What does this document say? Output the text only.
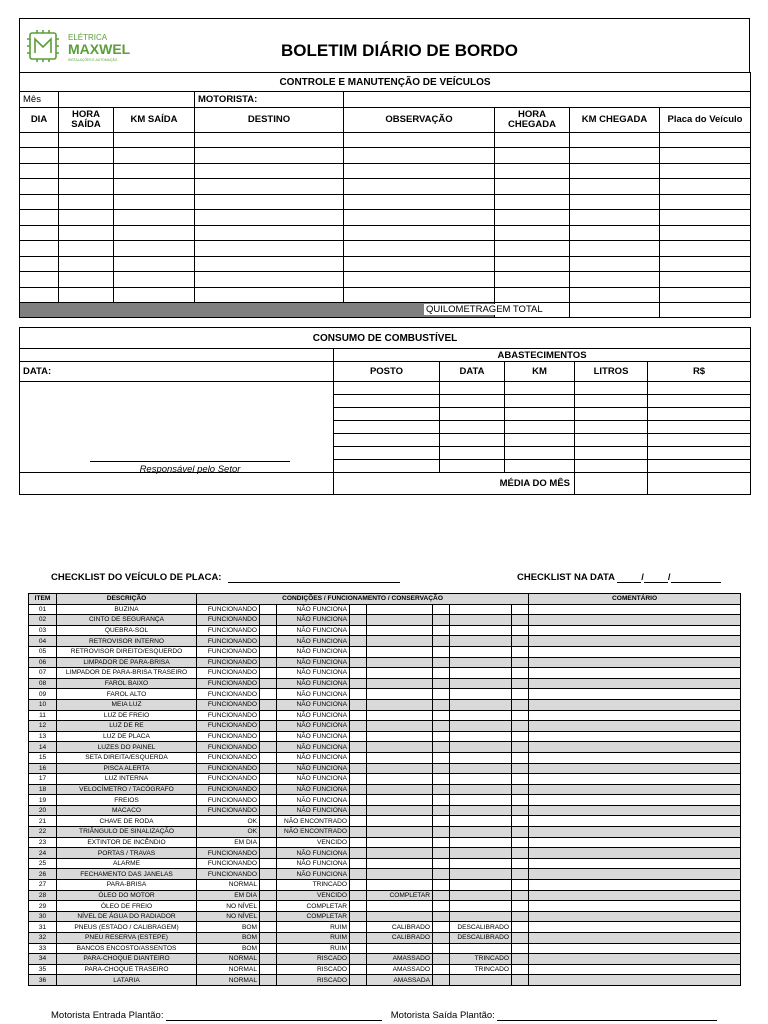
ELÉTRICA
MAXWEL
INSTALAÇÕES E AUTOMAÇÃO	BOLETIM DIÁRIO DE BORDO
CONTROLE E MANUTENÇÃO DE VEÍCULOS							
Mês			MOTORISTA:				
DIA	HORA SAÍDA	KM SAÍDA	DESTINO	OBSERVAÇÃO	HORA CHEGADA	KM CHEGADA	Placa do Veículo

QUILOMETRAGEM TOTAL							

CONSUMO DE COMBUSTÍVEL					
	ABASTECIMENTOS				
DATA:	POSTO	DATA	KM	LITROS	R$

Responsável pelo Setor					

	MÉDIA DO MÊS				
CHECKLIST DO VEÍCULO DE PLACA:	CHECKLIST NA DATA	/	/
ITEM	DESCRIÇÃO	CONDIÇÕES / FUNCIONAMENTO / CONSERVAÇÃO								COMENTÁRIO
01	BUZINA	FUNCIONANDO		NÃO FUNCIONA						
02	CINTO DE SEGURANÇA	FUNCIONANDO		NÃO FUNCIONA						
03	QUEBRA-SOL	FUNCIONANDO		NÃO FUNCIONA						
04	RETROVISOR INTERNO	FUNCIONANDO		NÃO FUNCIONA						
05	RETROVISOR DIREITO/ESQUERDO	FUNCIONANDO		NÃO FUNCIONA						
06	LIMPADOR DE PARA-BRISA	FUNCIONANDO		NÃO FUNCIONA						
07	LIMPADOR DE PARA-BRISA TRASEIRO	FUNCIONANDO		NÃO FUNCIONA						
08	FAROL BAIXO	FUNCIONANDO		NÃO FUNCIONA						
09	FAROL ALTO	FUNCIONANDO		NÃO FUNCIONA						
10	MEIA LUZ	FUNCIONANDO		NÃO FUNCIONA						
11	LUZ DE FREIO	FUNCIONANDO		NÃO FUNCIONA						
12	LUZ DE RE	FUNCIONANDO		NÃO FUNCIONA						
13	LUZ DE PLACA	FUNCIONANDO		NÃO FUNCIONA						
14	LUZES DO PAINEL	FUNCIONANDO		NÃO FUNCIONA						
15	SETA DIREITA/ESQUERDA	FUNCIONANDO		NÃO FUNCIONA						
16	PISCA ALERTA	FUNCIONANDO		NÃO FUNCIONA						
17	LUZ INTERNA	FUNCIONANDO		NÃO FUNCIONA						
18	VELOCÍMETRO / TACÓGRAFO	FUNCIONANDO		NÃO FUNCIONA						
19	FREIOS	FUNCIONANDO		NÃO FUNCIONA						
20	MACACO	FUNCIONANDO		NÃO FUNCIONA						
21	CHAVE DE RODA	OK		NÃO ENCONTRADO						
22	TRIÂNGULO DE SINALIZAÇÃO	OK		NÃO ENCONTRADO						
23	EXTINTOR DE INCÊNDIO	EM DIA		VENCIDO						
24	PORTAS / TRAVAS	FUNCIONANDO		NÃO FUNCIONA						
25	ALARME	FUNCIONANDO		NÃO FUNCIONA						
26	FECHAMENTO DAS JANELAS	FUNCIONANDO		NÃO FUNCIONA						
27	PARA-BRISA	NORMAL		TRINCADO						
28	ÓLEO DO MOTOR	EM DIA		VENCIDO		COMPLETAR				
29	ÓLEO DE FREIO	NO NÍVEL		COMPLETAR						
30	NÍVEL DE ÁGUA DO RADIADOR	NO NÍVEL		COMPLETAR						
31	PNEUS (ESTADO / CALIBRAGEM)	BOM		RUIM		CALIBRADO		DESCALIBRADO		
32	PNEU RESERVA (ESTEPE)	BOM		RUIM		CALIBRADO		DESCALIBRADO		
33	BANCOS ENCOSTO/ASSENTOS	BOM		RUIM						
34	PARA-CHOQUE DIANTEIRO	NORMAL		RISCADO		AMASSADO		TRINCADO		
35	PARA-CHOQUE TRASEIRO	NORMAL		RISCADO		AMASSADO		TRINCADO		
36	LATARIA	NORMAL		RISCADO		AMASSADA				
Motorista Entrada Plantão:	Motorista Saída Plantão:
